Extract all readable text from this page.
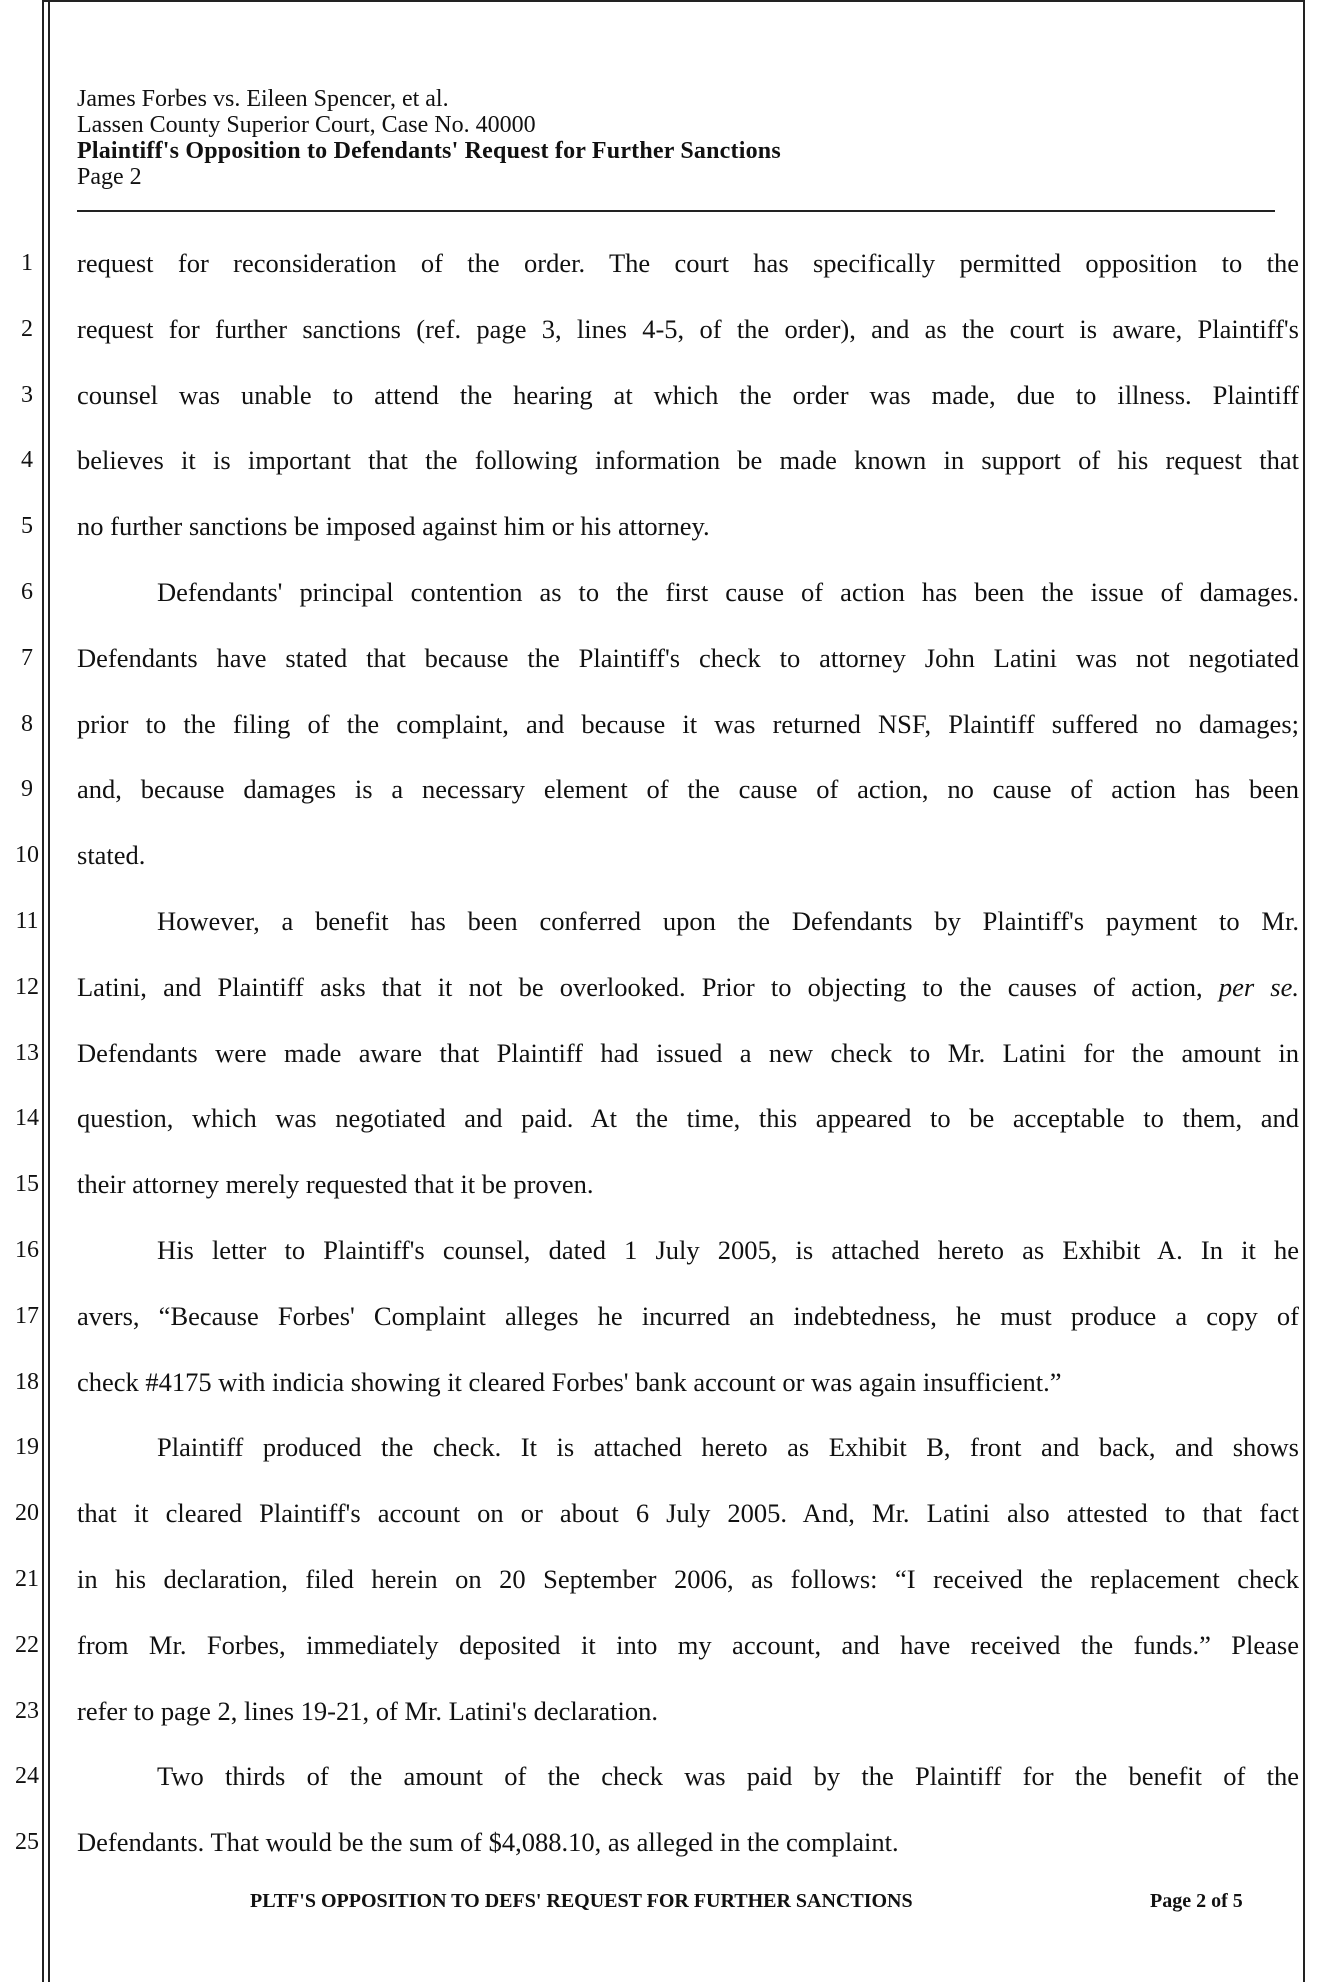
James Forbes vs. Eileen Spencer, et al.
Lassen County Superior Court, Case No. 40000
Plaintiff's Opposition to Defendants' Request for Further Sanctions
Page 2
1
2
3
4
5
6
7
8
9
10
11
12
13
14
15
16
17
18
19
20
21
22
23
24
25
request for reconsideration of the order. The court has specifically permitted opposition to the
request for further sanctions (ref. page 3, lines 4-5, of the order), and as the court is aware, Plaintiff's
counsel was unable to attend the hearing at which the order was made, due to illness. Plaintiff
believes it is important that the following information be made known in support of his request that
no further sanctions be imposed against him or his attorney.
Defendants' principal contention as to the first cause of action has been the issue of damages.
Defendants have stated that because the Plaintiff's check to attorney John Latini was not negotiated
prior to the filing of the complaint, and because it was returned NSF, Plaintiff suffered no damages;
and, because damages is a necessary element of the cause of action, no cause of action has been
stated.
However, a benefit has been conferred upon the Defendants by Plaintiff's payment to Mr.
Latini, and Plaintiff asks that it not be overlooked. Prior to objecting to the causes of action, per se.
Defendants were made aware that Plaintiff had issued a new check to Mr. Latini for the amount in
question, which was negotiated and paid. At the time, this appeared to be acceptable to them, and
their attorney merely requested that it be proven.
His letter to Plaintiff's counsel, dated 1 July 2005, is attached hereto as Exhibit A. In it he
avers, “Because Forbes' Complaint alleges he incurred an indebtedness, he must produce a copy of
check #4175 with indicia showing it cleared Forbes' bank account or was again insufficient.”
Plaintiff produced the check. It is attached hereto as Exhibit B, front and back, and shows
that it cleared Plaintiff's account on or about 6 July 2005. And, Mr. Latini also attested to that fact
in his declaration, filed herein on 20 September 2006, as follows: “I received the replacement check
from Mr. Forbes, immediately deposited it into my account, and have received the funds.” Please
refer to page 2, lines 19-21, of Mr. Latini's declaration.
Two thirds of the amount of the check was paid by the Plaintiff for the benefit of the
Defendants. That would be the sum of $4,088.10, as alleged in the complaint.
PLTF'S OPPOSITION TO DEFS' REQUEST FOR FURTHER SANCTIONS	Page 2 of 5
